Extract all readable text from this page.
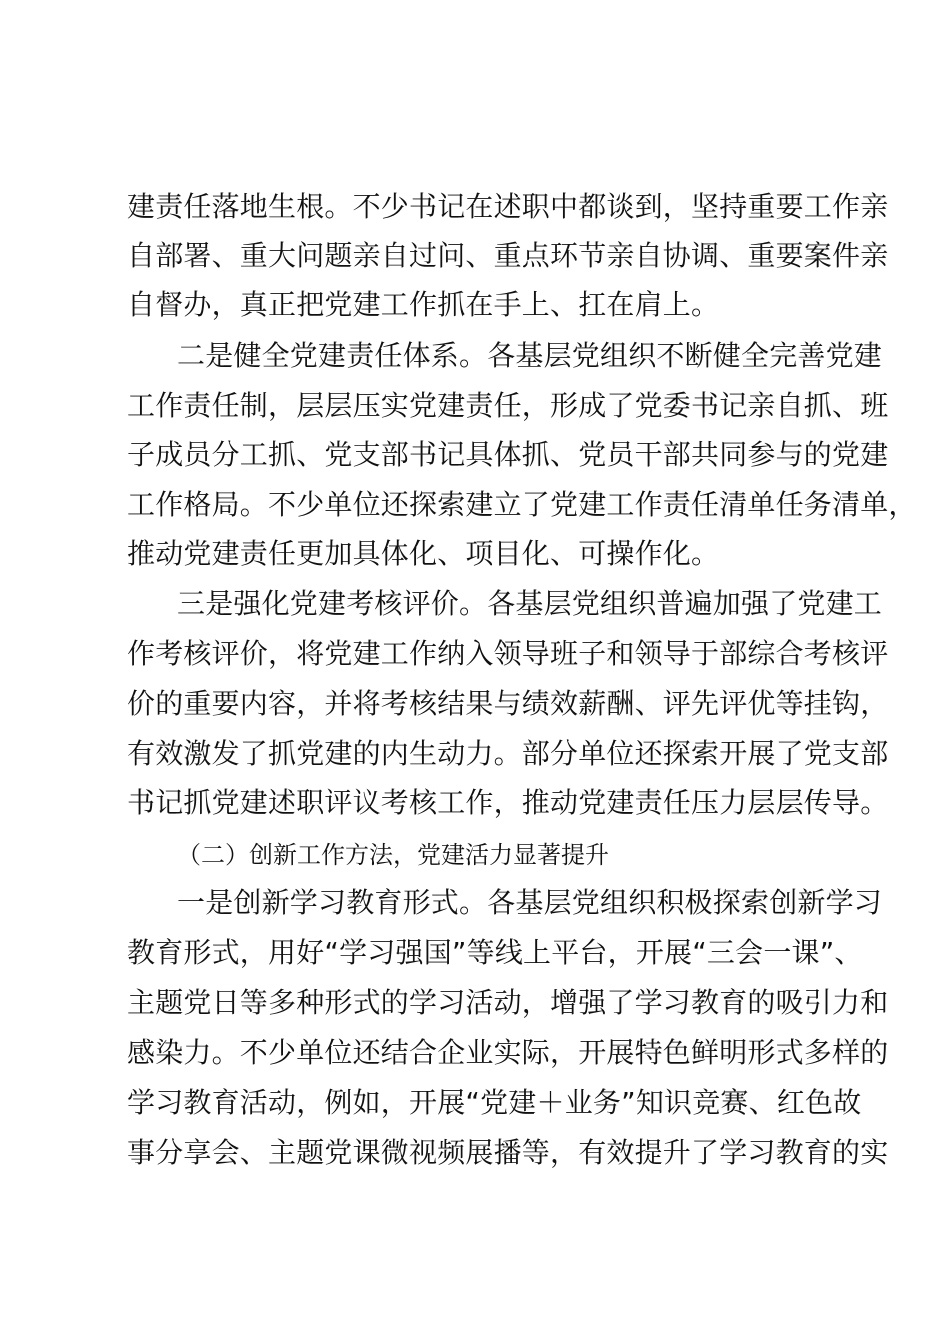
建责任落地生根。不少书记在述职中都谈到，坚持重要工作亲
自部署、重大问题亲自过问、重点环节亲自协调、重要案件亲
自督办，真正把党建工作抓在手上、扛在肩上。
二是健全党建责任体系。各基层党组织不断健全完善党建
工作责任制，层层压实党建责任，形成了党委书记亲自抓、班
子成员分工抓、党支部书记具体抓、党员干部共同参与的党建
工作格局。不少单位还探索建立了党建工作责任清单任务清单，
推动党建责任更加具体化、项目化、可操作化。
三是强化党建考核评价。各基层党组织普遍加强了党建工
作考核评价，将党建工作纳入领导班子和领导于部综合考核评
价的重要内容，并将考核结果与绩效薪酬、评先评优等挂钩，
有效激发了抓党建的内生动力。部分单位还探索开展了党支部
书记抓党建述职评议考核工作，推动党建责任压力层层传导。
（二）创新工作方法，党建活力显著提升
一是创新学习教育形式。各基层党组织积极探索创新学习
教育形式，用好“学习强国”等线上平台，开展“三会一课”、
主题党日等多种形式的学习活动，增强了学习教育的吸引力和
感染力。不少单位还结合企业实际，开展特色鲜明形式多样的
学习教育活动，例如，开展“党建＋业务”知识竞赛、红色故
事分享会、主题党课微视频展播等，有效提升了学习教育的实
